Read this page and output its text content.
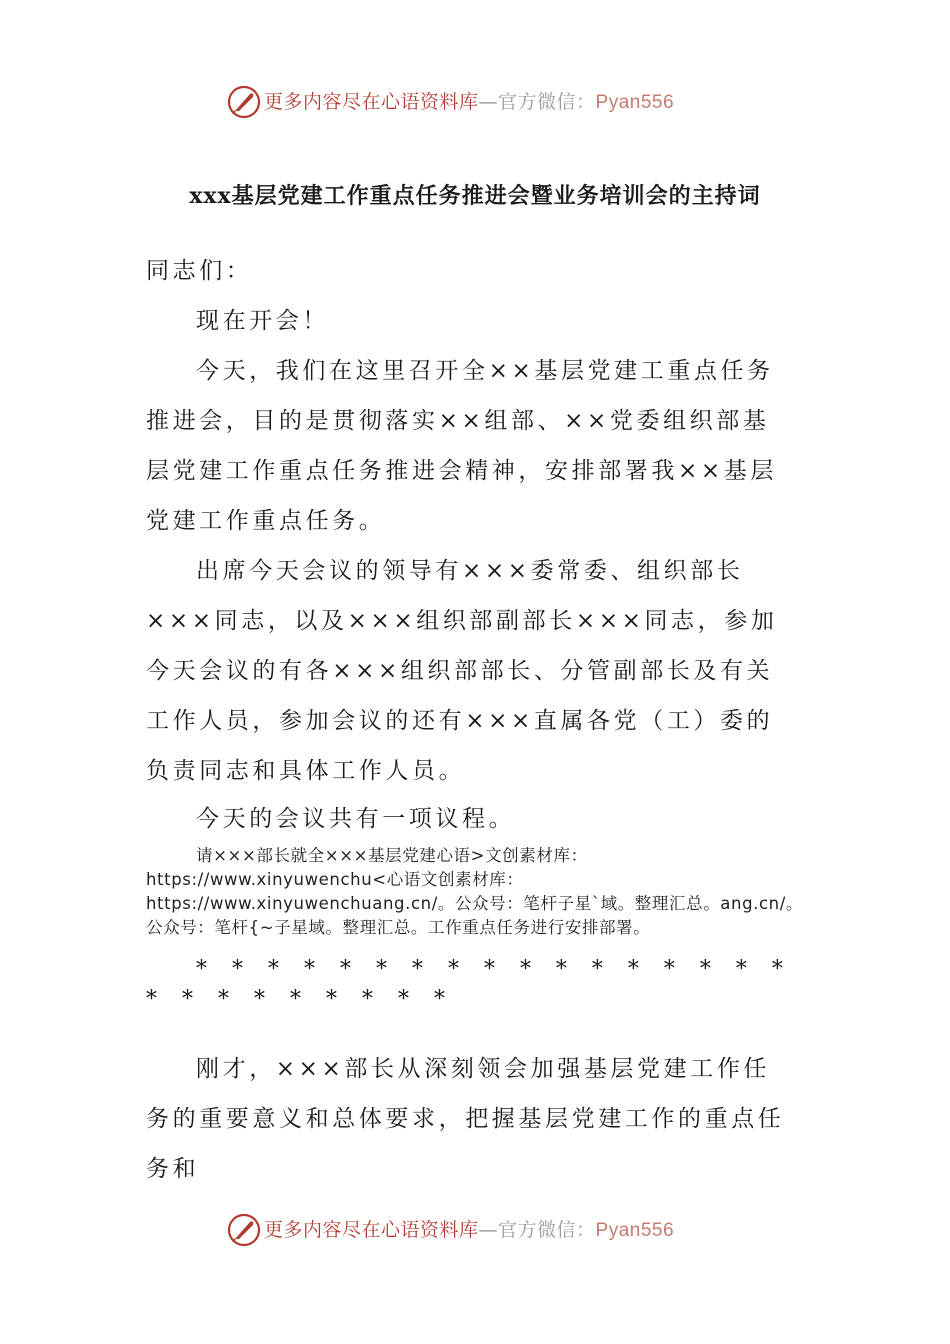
更多内容尽在心语资料库—官方微信：Pyan556
xxx基层党建工作重点任务推进会暨业务培训会的主持词

同志们：

现在开会！

今天，我们在这里召开全××基层党建工重点任务推进会，目的是贯彻落实××组部、××党委组织部基层党建工作重点任务推进会精神，安排部署我××基层党建工作重点任务。

出席今天会议的领导有×××委常委、组织部长×××同志，以及×××组织部副部长×××同志，参加今天会议的有各×××组织部部长、分管副部长及有关工作人员，参加会议的还有×××直属各党（工）委的负责同志和具体工作人员。

今天的会议共有一项议程。

请×××部长就全×××基层党建心语>文创素材库：https://www.xinyuwenchu<心语文创素材库：https://www.xinyuwenchuang.cn/。公众号：笔杆子星`域。整理汇总。ang.cn/。公众号：笔杆{~子星域。整理汇总。工作重点任务进行安排部署。
* * * * * * * * * * * * * * * * * * * * * * * * * *

刚才，×××部长从深刻领会加强基层党建工作任务的重要意义和总体要求，把握基层党建工作的重点任务和

更多内容尽在心语资料库—官方微信：Pyan556
